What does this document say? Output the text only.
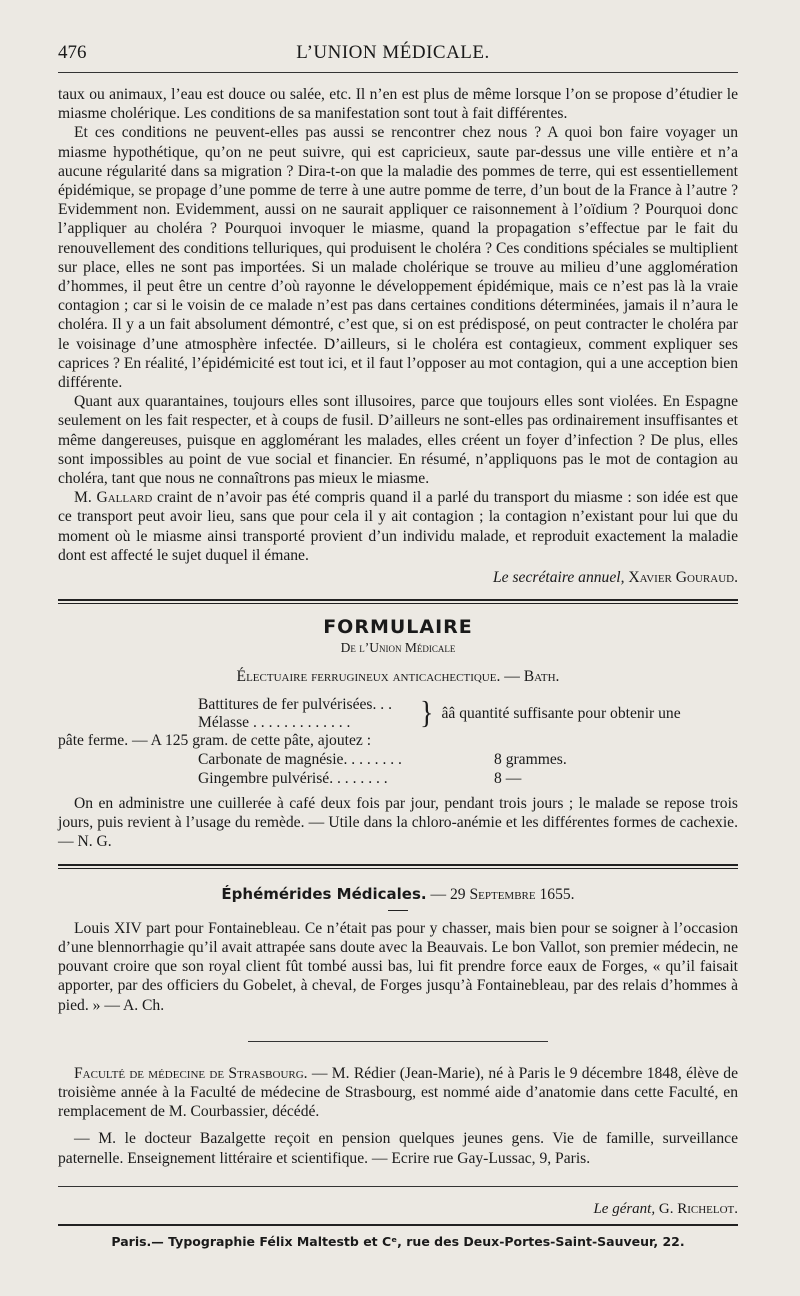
476	L’UNION MÉDICALE.

taux ou animaux, l’eau est douce ou salée, etc. Il n’en est plus de même lorsque l’on se propose d’étudier le miasme cholérique. Les conditions de sa manifestation sont tout à fait différentes.

Et ces conditions ne peuvent-elles pas aussi se rencontrer chez nous ? A quoi bon faire voyager un miasme hypothétique, qu’on ne peut suivre, qui est capricieux, saute par-dessus une ville entière et n’a aucune régularité dans sa migration ? Dira-t-on que la maladie des pommes de terre, qui est essentiellement épidémique, se propage d’une pomme de terre à une autre pomme de terre, d’un bout de la France à l’autre ? Evidemment non. Evidemment, aussi on ne saurait appliquer ce raisonnement à l’oïdium ? Pourquoi donc l’appliquer au choléra ? Pourquoi invoquer le miasme, quand la propagation s’effectue par le fait du renouvellement des conditions telluriques, qui produisent le choléra ? Ces conditions spéciales se multiplient sur place, elles ne sont pas importées. Si un malade cholérique se trouve au milieu d’une agglomération d’hommes, il peut être un centre d’où rayonne le développement épidémique, mais ce n’est pas là la vraie contagion ; car si le voisin de ce malade n’est pas dans certaines conditions déterminées, jamais il n’aura le choléra. Il y a un fait absolument démontré, c’est que, si on est prédisposé, on peut contracter le choléra par le voisinage d’une atmosphère infectée. D’ailleurs, si le choléra est contagieux, comment expliquer ses caprices ? En réalité, l’épidémicité est tout ici, et il faut l’opposer au mot contagion, qui a une acception bien différente.

Quant aux quarantaines, toujours elles sont illusoires, parce que toujours elles sont violées. En Espagne seulement on les fait respecter, et à coups de fusil. D’ailleurs ne sont-elles pas ordinairement insuffisantes et même dangereuses, puisque en agglomérant les malades, elles créent un foyer d’infection ? De plus, elles sont impossibles au point de vue social et financier. En résumé, n’appliquons pas le mot de contagion au choléra, tant que nous ne connaîtrons pas mieux le miasme.

M. Gallard craint de n’avoir pas été compris quand il a parlé du transport du miasme : son idée est que ce transport peut avoir lieu, sans que pour cela il y ait contagion ; la contagion n’existant pour lui que du moment où le miasme ainsi transporté provient d’un individu malade, et reproduit exactement la maladie dont est affecté le sujet duquel il émane.

Le secrétaire annuel, Xavier Gouraud.
FORMULAIRE
De l’Union Médicale
Électuaire ferrugineux anticachectique. — Bath.
Battitures de fer pulvérisées. . .
Mélasse . . . . . . . . . . . . .	} ââ quantité suffisante pour obtenir une
pâte ferme. — A 125 gram. de cette pâte, ajoutez :
Carbonate de magnésie. . . . . . . .	8 grammes.
Gingembre pulvérisé. . . . . . . .	8 —

On en administre une cuillerée à café deux fois par jour, pendant trois jours ; le malade se repose trois jours, puis revient à l’usage du remède. — Utile dans la chloro-anémie et les différentes formes de cachexie. — N. G.

Éphémérides Médicales. — 29 Septembre 1655.

Louis XIV part pour Fontainebleau. Ce n’était pas pour y chasser, mais bien pour se soigner à l’occasion d’une blennorrhagie qu’il avait attrapée sans doute avec la Beauvais. Le bon Vallot, son premier médecin, ne pouvant croire que son royal client fût tombé aussi bas, lui fit prendre force eaux de Forges, « qu’il faisait apporter, par des officiers du Gobelet, à cheval, de Forges jusqu’à Fontainebleau, par des relais d’hommes à pied. » — A. Ch.

Faculté de médecine de Strasbourg. — M. Rédier (Jean-Marie), né à Paris le 9 décembre 1848, élève de troisième année à la Faculté de médecine de Strasbourg, est nommé aide d’anatomie dans cette Faculté, en remplacement de M. Courbassier, décédé.

— M. le docteur Bazalgette reçoit en pension quelques jeunes gens. Vie de famille, surveillance paternelle. Enseignement littéraire et scientifique. — Ecrire rue Gay-Lussac, 9, Paris.

Le gérant, G. Richelot.
Paris.— Typographie Félix Maltestb et Cᵉ, rue des Deux-Portes-Saint-Sauveur, 22.
